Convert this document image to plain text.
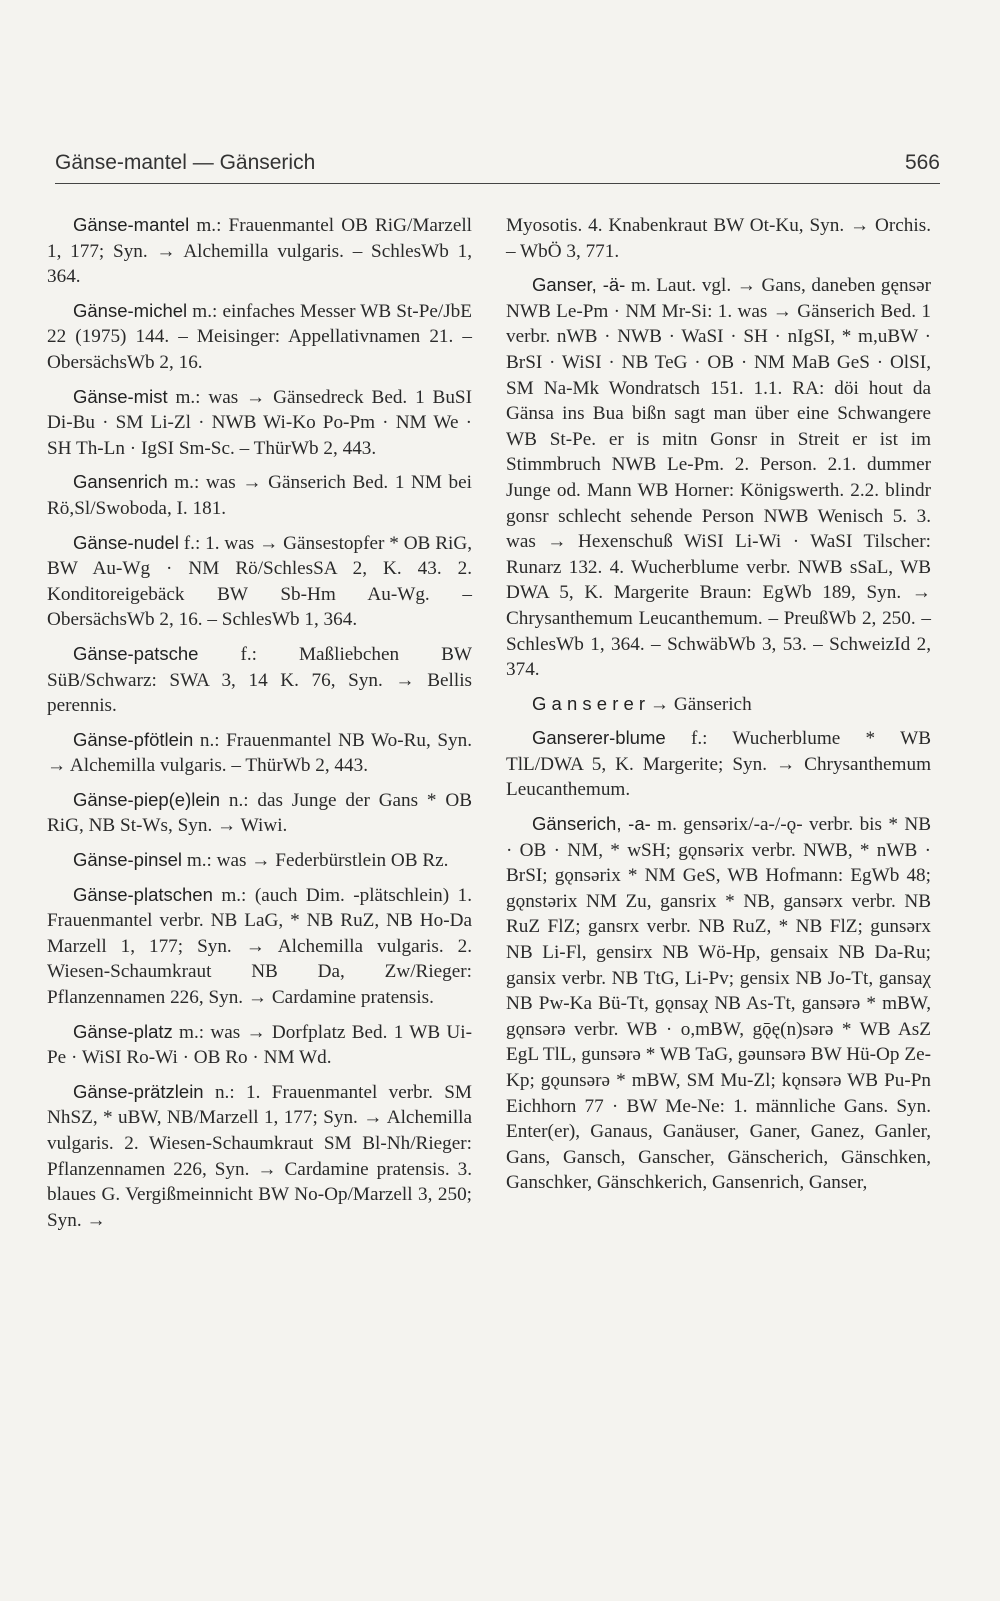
Gänse-mantel — Gänserich	566

Gänse-mantel m.: Frauenmantel OB RiG/Marzell 1, 177; Syn. → Alchemilla vulgaris. – SchlesWb 1, 364.

Gänse-michel m.: einfaches Messer WB St-Pe/JbE 22 (1975) 144. – Meisinger: Appellativnamen 21. – ObersächsWb 2, 16.

Gänse-mist m.: was → Gänsedreck Bed. 1 BuSI Di-Bu · SM Li-Zl · NWB Wi-Ko Po-Pm · NM We · SH Th-Ln · IgSI Sm-Sc. – ThürWb 2, 443.

Gansenrich m.: was → Gänserich Bed. 1 NM bei Rö,Sl/Swoboda, I. 181.

Gänse-nudel f.: 1. was → Gänsestopfer * OB RiG, BW Au-Wg · NM Rö/SchlesSA 2, K. 43. 2. Konditoreigebäck BW Sb-Hm Au-Wg. – ObersächsWb 2, 16. – SchlesWb 1, 364.

Gänse-patsche f.: Maßliebchen BW SüB/Schwarz: SWA 3, 14 K. 76, Syn. → Bellis perennis.

Gänse-pfötlein n.: Frauenmantel NB Wo-Ru, Syn. → Alchemilla vulgaris. – ThürWb 2, 443.

Gänse-piep(e)lein n.: das Junge der Gans * OB RiG, NB St-Ws, Syn. → Wiwi.

Gänse-pinsel m.: was → Federbürstlein OB Rz.

Gänse-platschen m.: (auch Dim. -plätschlein) 1. Frauenmantel verbr. NB LaG, * NB RuZ, NB Ho-Da Marzell 1, 177; Syn. → Alchemilla vulgaris. 2. Wiesen-Schaumkraut NB Da, Zw/Rieger: Pflanzennamen 226, Syn. → Cardamine pratensis.

Gänse-platz m.: was → Dorfplatz Bed. 1 WB Ui-Pe · WiSI Ro-Wi · OB Ro · NM Wd.

Gänse-prätzlein n.: 1. Frauenmantel verbr. SM NhSZ, * uBW, NB/Marzell 1, 177; Syn. → Alchemilla vulgaris. 2. Wiesen-Schaumkraut SM Bl-Nh/Rieger: Pflanzennamen 226, Syn. → Cardamine pratensis. 3. blaues G. Vergißmeinnicht BW No-Op/Marzell 3, 250; Syn. →

Myosotis. 4. Knabenkraut BW Ot-Ku, Syn. → Orchis. – WbÖ 3, 771.

Ganser, -ä- m. Laut. vgl. → Gans, daneben gęnsər NWB Le-Pm · NM Mr-Si: 1. was → Gänserich Bed. 1 verbr. nWB · NWB · WaSI · SH · nIgSI, * m,uBW · BrSI · WiSI · NB TeG · OB · NM MaB GeS · OlSI, SM Na-Mk Wondratsch 151. 1.1. RA: döi hout da Gänsa ins Bua bißn sagt man über eine Schwangere WB St-Pe. er is mitn Gonsr in Streit er ist im Stimmbruch NWB Le-Pm. 2. Person. 2.1. dummer Junge od. Mann WB Horner: Königswerth. 2.2. blindr gonsr schlecht sehende Person NWB Wenisch 5. 3. was → Hexenschuß WiSI Li-Wi · WaSI Tilscher: Runarz 132. 4. Wucherblume verbr. NWB sSaL, WB DWA 5, K. Margerite Braun: EgWb 189, Syn. → Chrysanthemum Leucanthemum. – PreußWb 2, 250. – SchlesWb 1, 364. – SchwäbWb 3, 53. – SchweizId 2, 374.

G a n s e r e r → Gänserich

Ganserer-blume f.: Wucherblume * WB TlL/DWA 5, K. Margerite; Syn. → Chrysanthemum Leucanthemum.

Gänserich, -a- m. gensərix/-a-/-ǫ- verbr. bis * NB · OB · NM, * wSH; gǫnsərix verbr. NWB, * nWB · BrSI; gǫnsərix * NM GeS, WB Hofmann: EgWb 48; gǫnstərix NM Zu, gansrix * NB, gansərx verbr. NB RuZ FlZ; gansrx verbr. NB RuZ, * NB FlZ; gunsərx NB Li-Fl, gensirx NB Wö-Hp, gensaix NB Da-Ru; gansix verbr. NB TtG, Li-Pv; gensix NB Jo-Tt, gansaχ NB Pw-Ka Bü-Tt, gǫnsaχ NB As-Tt, gansərə * mBW, gǫnsərə verbr. WB · o,mBW, gǭę(n)sərə * WB AsZ EgL TlL, gunsərə * WB TaG, gəunsərə BW Hü-Op Ze-Kp; gǫunsərə * mBW, SM Mu-Zl; kǫnsərə WB Pu-Pn Eichhorn 77 · BW Me-Ne: 1. männliche Gans. Syn. Enter(er), Ganaus, Ganäuser, Ganer, Ganez, Ganler, Gans, Gansch, Ganscher, Gänscherich, Gänschken, Ganschker, Gänschkerich, Gansenrich, Ganser,
